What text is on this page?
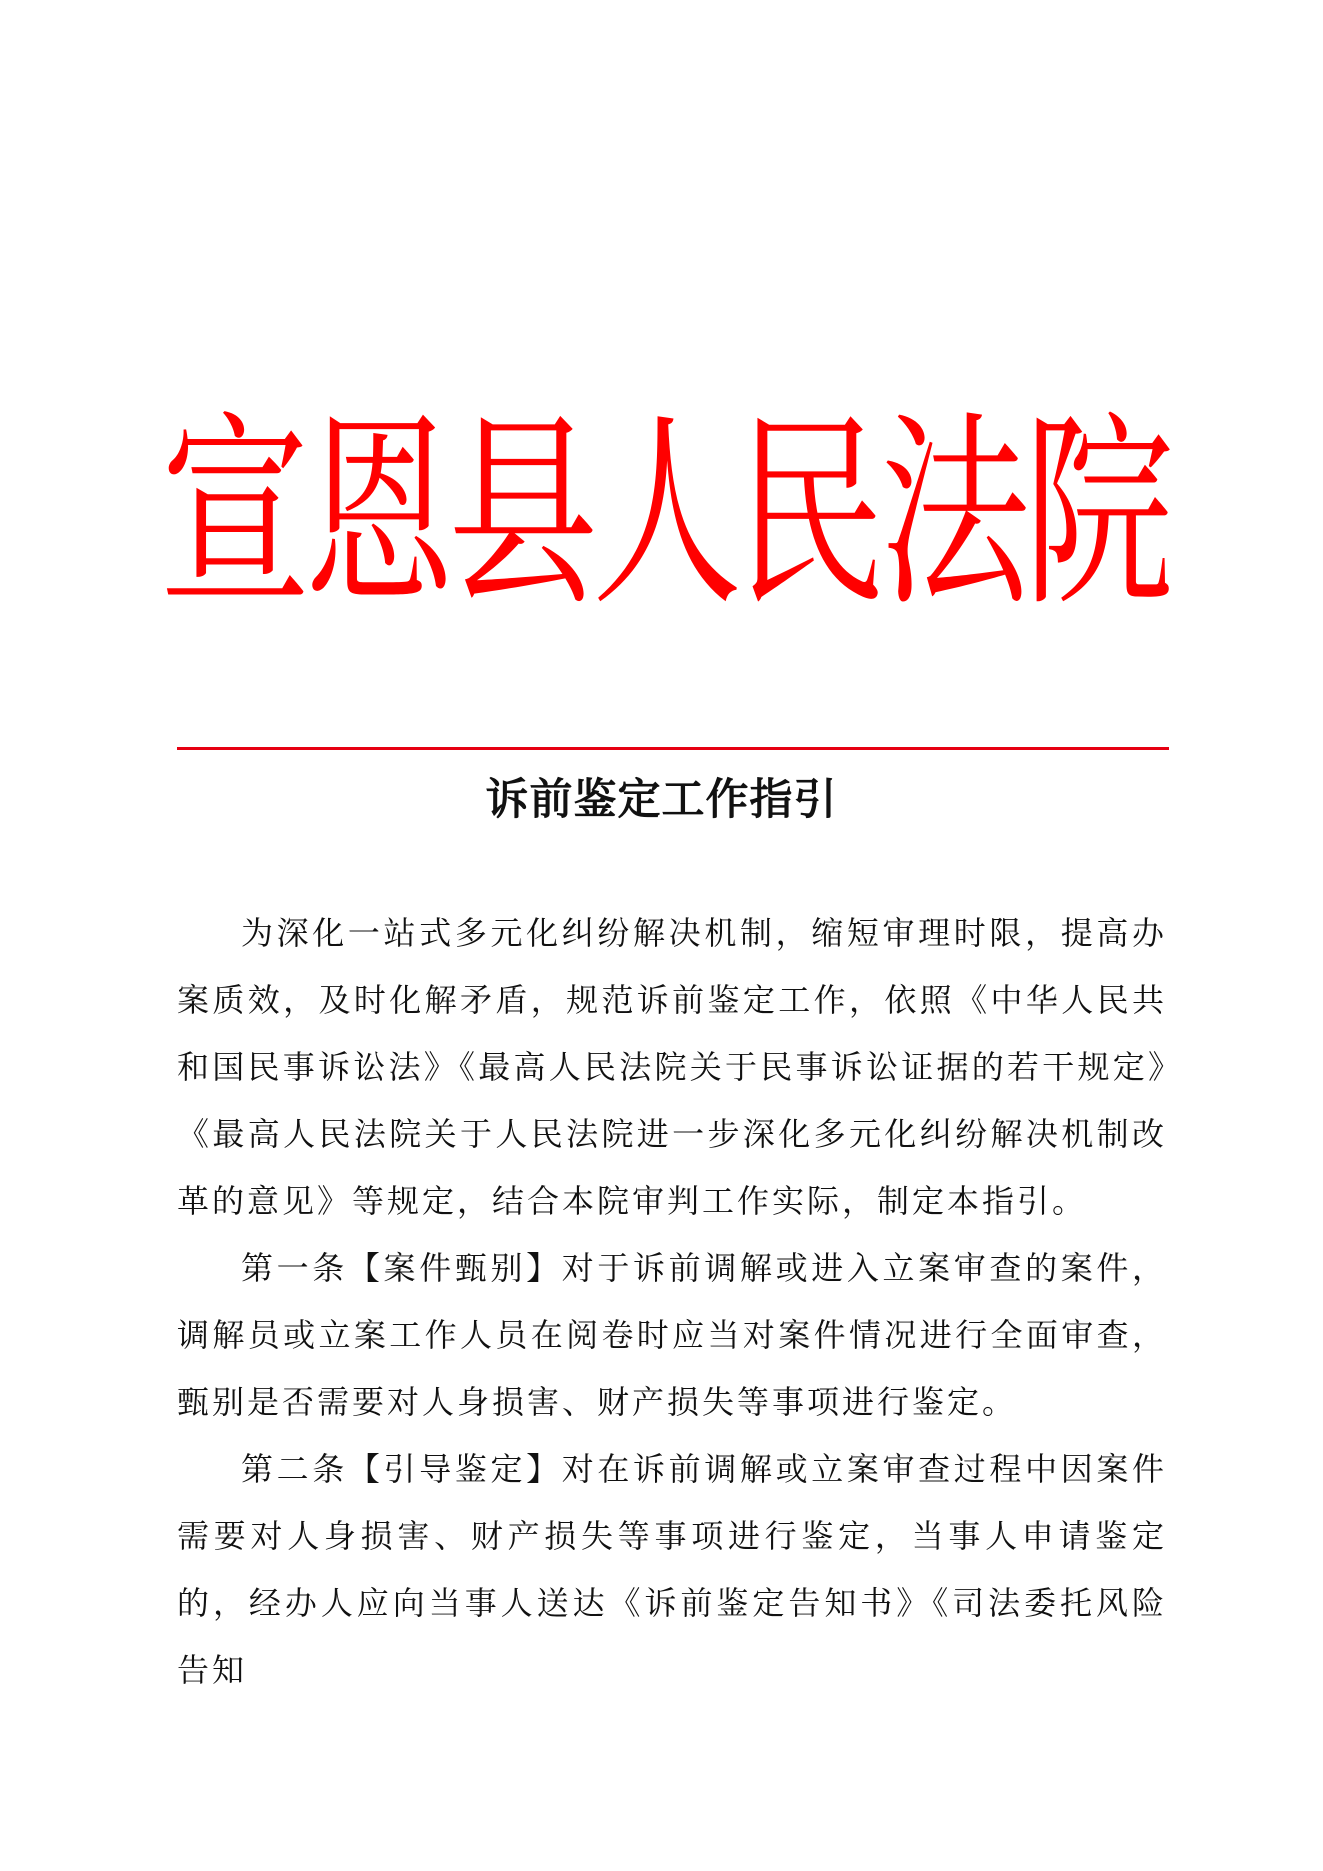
宣恩县人民法院
诉前鉴定工作指引

为深化一站式多元化纠纷解决机制，缩短审理时限，提高办案质效，及时化解矛盾，规范诉前鉴定工作，依照《中华人民共和国民事诉讼法》《最高人民法院关于民事诉讼证据的若干规定》《最高人民法院关于人民法院进一步深化多元化纠纷解决机制改革的意见》等规定，结合本院审判工作实际，制定本指引。

第一条【案件甄别】对于诉前调解或进入立案审查的案件，调解员或立案工作人员在阅卷时应当对案件情况进行全面审查，甄别是否需要对人身损害、财产损失等事项进行鉴定。

第二条【引导鉴定】对在诉前调解或立案审查过程中因案件需要对人身损害、财产损失等事项进行鉴定，当事人申请鉴定的，经办人应向当事人送达《诉前鉴定告知书》《司法委托风险告知
